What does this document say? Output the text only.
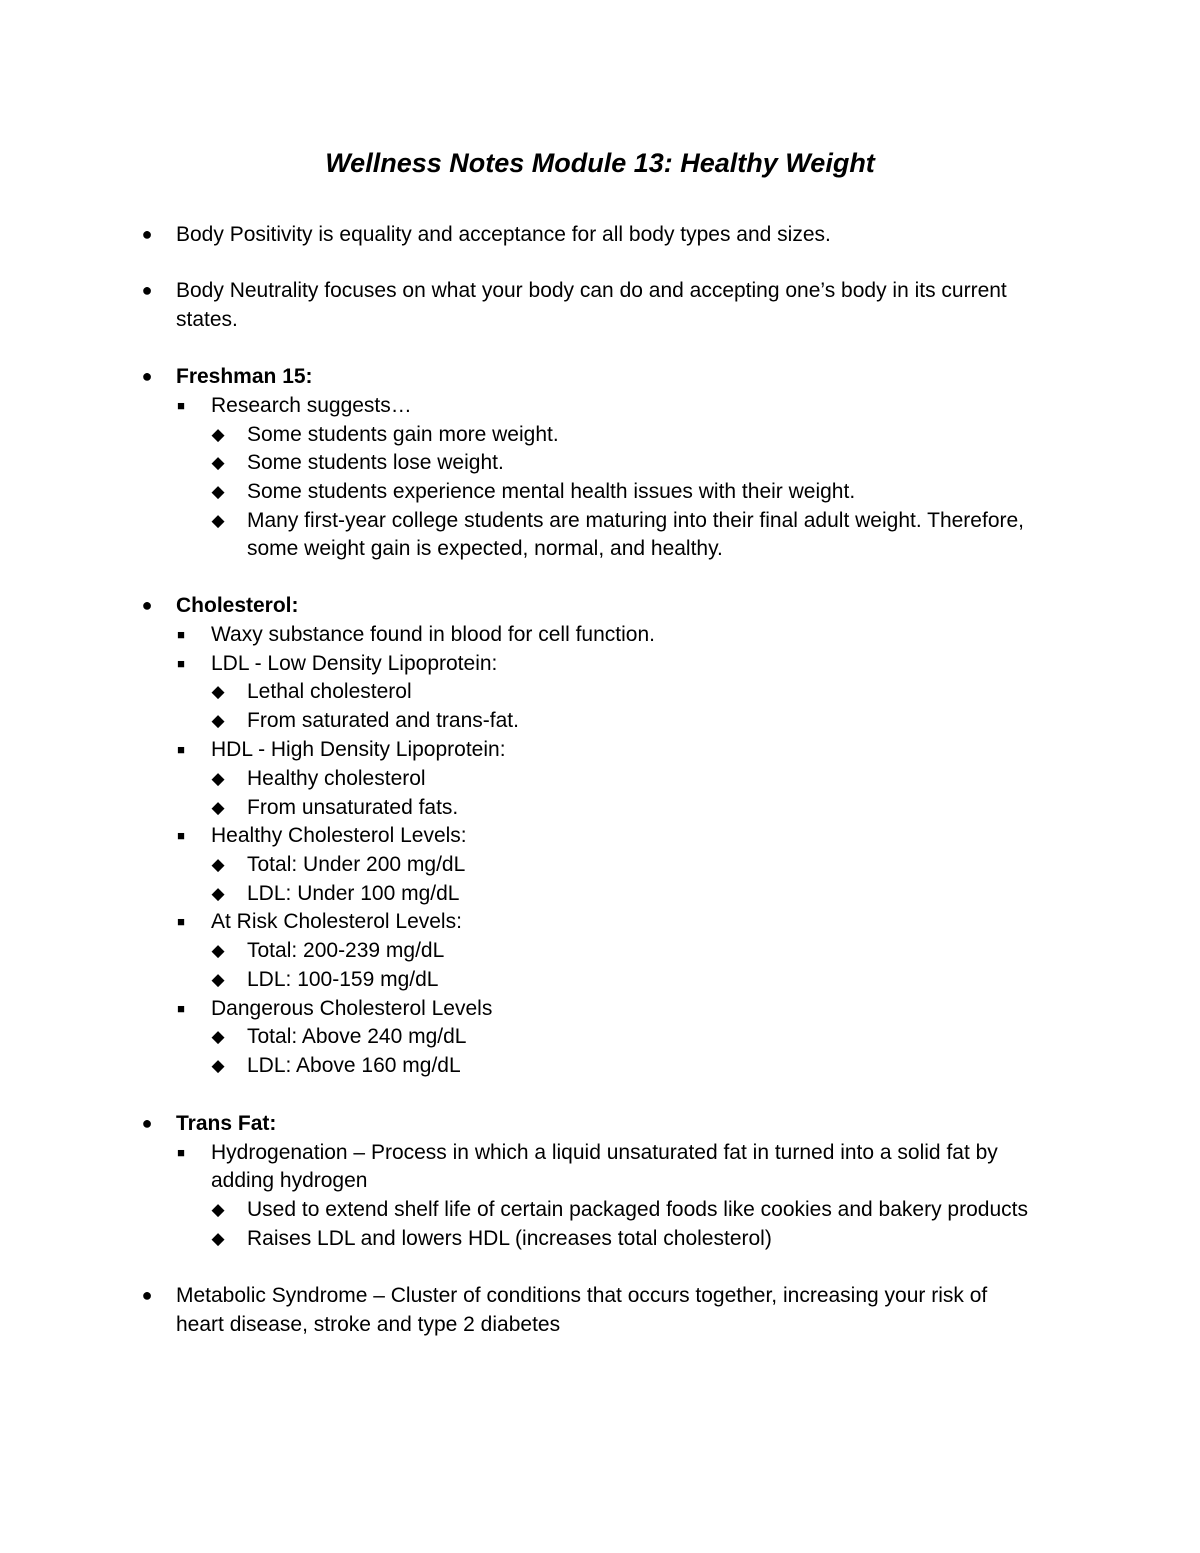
Wellness Notes Module 13: Healthy Weight
● Body Positivity is equality and acceptance for all body types and sizes.
● Body Neutrality focuses on what your body can do and accepting one’s body in its current
states.
● Freshman 15:
■ Research suggests…
◆ Some students gain more weight.
◆ Some students lose weight.
◆ Some students experience mental health issues with their weight.
◆ Many first-year college students are maturing into their final adult weight. Therefore,
some weight gain is expected, normal, and healthy.
● Cholesterol:
■ Waxy substance found in blood for cell function.
■ LDL - Low Density Lipoprotein:
◆ Lethal cholesterol
◆ From saturated and trans-fat.
■ HDL - High Density Lipoprotein:
◆ Healthy cholesterol
◆ From unsaturated fats.
■ Healthy Cholesterol Levels:
◆ Total: Under 200 mg/dL
◆ LDL: Under 100 mg/dL
■ At Risk Cholesterol Levels:
◆ Total: 200-239 mg/dL
◆ LDL: 100-159 mg/dL
■ Dangerous Cholesterol Levels
◆ Total: Above 240 mg/dL
◆ LDL: Above 160 mg/dL
● Trans Fat:
■ Hydrogenation – Process in which a liquid unsaturated fat in turned into a solid fat by
adding hydrogen
◆ Used to extend shelf life of certain packaged foods like cookies and bakery products
◆ Raises LDL and lowers HDL (increases total cholesterol)
● Metabolic Syndrome – Cluster of conditions that occurs together, increasing your risk of
heart disease, stroke and type 2 diabetes
